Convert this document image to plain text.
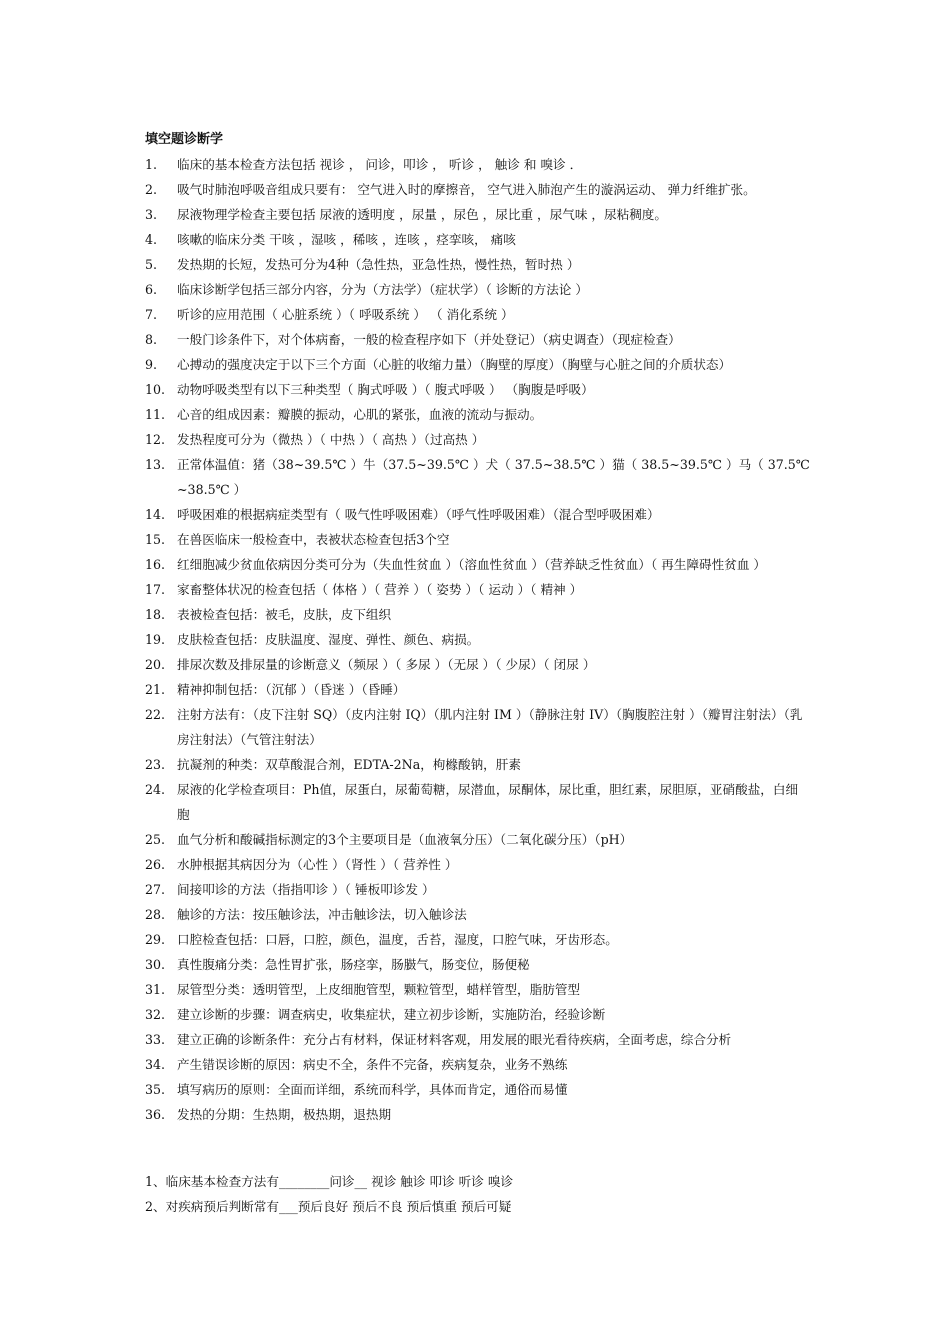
填空题诊断学
1. 临床的基本检查方法包括 视诊 ， 问诊，叩诊 ， 听诊 ， 触诊 和 嗅诊 ．
2. 吸气时肺泡呼吸音组成只要有： 空气进入时的摩擦音， 空气进入肺泡产生的漩涡运动、 弹力纤维扩张。
3. 尿液物理学检查主要包括 尿液的透明度 ，尿量 ，尿色 ，尿比重 ，尿气味 ，尿粘稠度。
4. 咳嗽的临床分类 干咳 ，湿咳 ，稀咳 ，连咳 ，痉挛咳， 痛咳
5. 发热期的长短，发热可分为4种（急性热，亚急性热，慢性热，暂时热 ）
6. 临床诊断学包括三部分内容，分为（方法学）（症状学）（ 诊断的方法论 ）
7. 听诊的应用范围（ 心脏系统 ）（ 呼吸系统 ） （ 消化系统 ）
8. 一般门诊条件下，对个体病畜，一般的检查程序如下（并处登记）（病史调查）（现症检查）
9. 心搏动的强度决定于以下三个方面（心脏的收缩力量）（胸壁的厚度）（胸壁与心脏之间的介质状态）
10. 动物呼吸类型有以下三种类型（ 胸式呼吸 ）（ 腹式呼吸 ） （胸腹是呼吸）
11. 心音的组成因素：瓣膜的振动，心肌的紧张，血液的流动与振动。
12. 发热程度可分为（微热 ）（ 中热 ）（ 高热 ）（过高热 ）
13. 正常体温值：猪（38~39.5℃ ）牛（37.5~39.5℃ ）犬（ 37.5~38.5℃ ）猫（ 38.5~39.5℃ ）马（ 37.5℃~38.5℃ ）
14. 呼吸困难的根据病症类型有（ 吸气性呼吸困难）（呼气性呼吸困难）（混合型呼吸困难）
15. 在兽医临床一般检查中，表被状态检查包括3个空
16. 红细胞减少贫血依病因分类可分为（失血性贫血 ）（溶血性贫血 ）（营养缺乏性贫血）（ 再生障碍性贫血 ）
17. 家畜整体状况的检查包括（ 体格 ）（ 营养 ）（ 姿势 ）（ 运动 ）（ 精神 ）
18. 表被检查包括：被毛，皮肤，皮下组织
19. 皮肤检查包括：皮肤温度、湿度、弹性、颜色、病损。
20. 排尿次数及排尿量的诊断意义（频尿 ）（ 多尿 ）（无尿 ）（ 少尿）（ 闭尿 ）
21. 精神抑制包括：（沉郁 ）（昏迷 ）（昏睡）
22. 注射方法有：（皮下注射 SQ）（皮内注射 IQ）（肌内注射 IM ）（静脉注射 IV）（胸腹腔注射 ）（瓣胃注射法）（乳房注射法）（气管注射法）
23. 抗凝剂的种类：双草酸混合剂，EDTA-2Na，枸橼酸钠，肝素
24. 尿液的化学检查项目：Ph值，尿蛋白，尿葡萄糖，尿潜血，尿酮体，尿比重，胆红素，尿胆原，亚硝酸盐，白细胞
25. 血气分析和酸碱指标测定的3个主要项目是（血液氧分压）（二氧化碳分压）（pH）
26. 水肿根据其病因分为（心性 ）（肾性 ）（ 营养性 ）
27. 间接叩诊的方法（指指叩诊 ）（ 锤板叩诊发 ）
28. 触诊的方法：按压触诊法，冲击触诊法，切入触诊法
29. 口腔检查包括：口唇，口腔，颜色，温度，舌苔，湿度，口腔气味，牙齿形态。
30. 真性腹痛分类：急性胃扩张，肠痉挛，肠臌气，肠变位，肠便秘
31. 尿管型分类：透明管型，上皮细胞管型，颗粒管型，蜡样管型，脂肪管型
32. 建立诊断的步骤：调查病史，收集症状，建立初步诊断，实施防治，经验诊断
33. 建立正确的诊断条件：充分占有材料，保证材料客观，用发展的眼光看待疾病，全面考虑，综合分析
34. 产生错误诊断的原因：病史不全，条件不完备，疾病复杂，业务不熟练
35. 填写病历的原则：全面而详细，系统而科学，具体而肯定，通俗而易懂
36. 发热的分期：生热期，极热期，退热期
1、临床基本检查方法有________问诊__ 视诊 触诊 叩诊 听诊 嗅诊
2、对疾病预后判断常有___预后良好 预后不良 预后慎重 预后可疑
